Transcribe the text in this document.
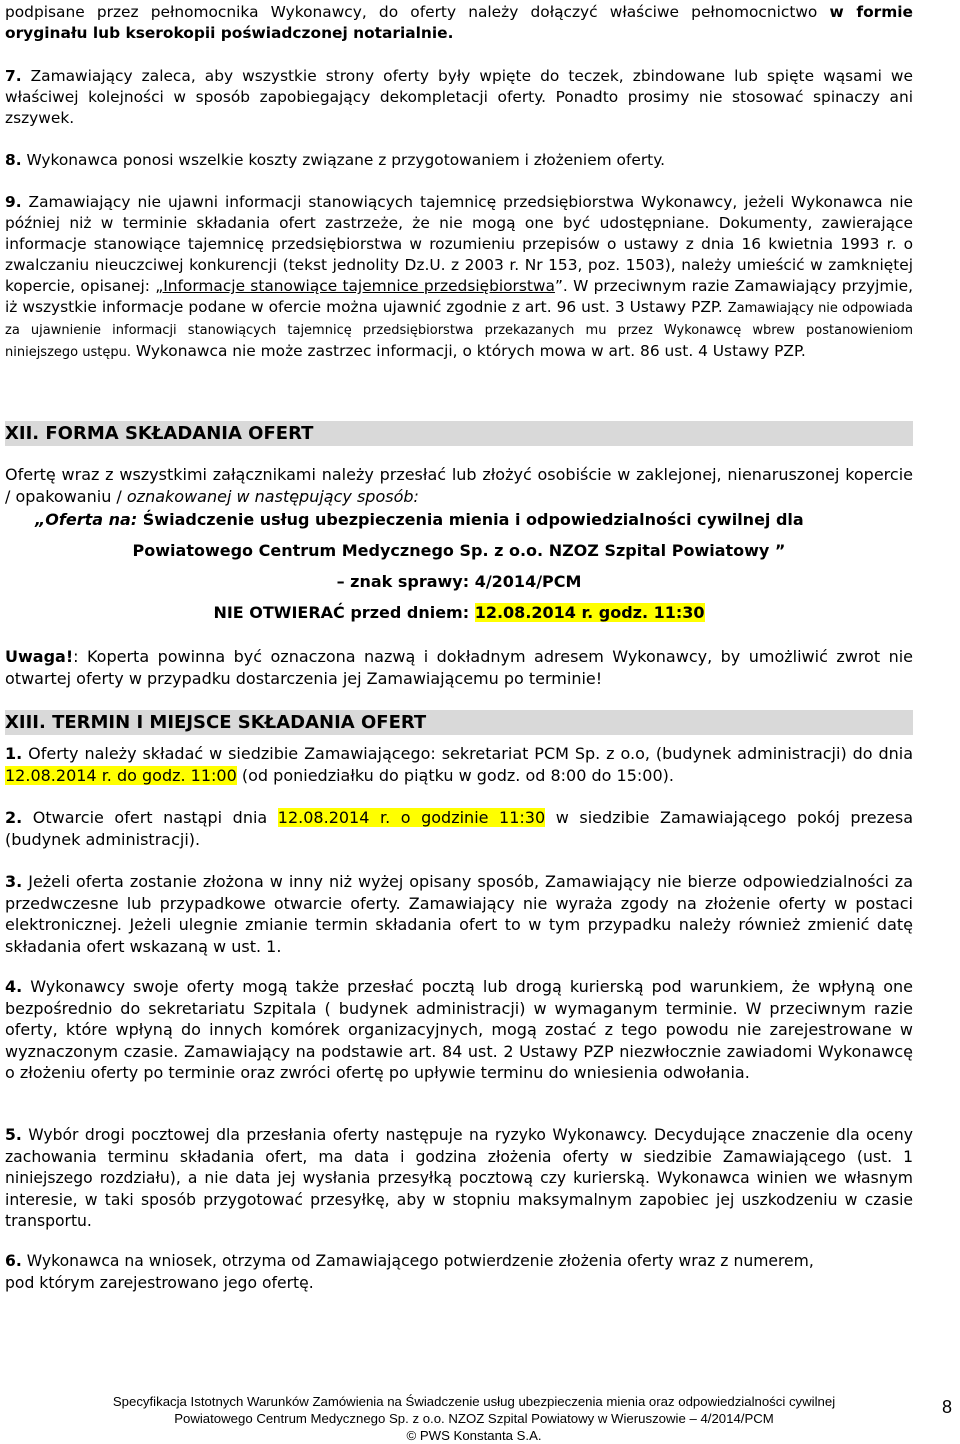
podpisane przez pełnomocnika Wykonawcy, do oferty należy dołączyć właściwe pełnomocnictwo w formie oryginału lub kserokopii poświadczonej notarialnie.

7. Zamawiający zaleca, aby wszystkie strony oferty były wpięte do teczek, zbindowane lub spięte wąsami we właściwej kolejności w sposób zapobiegający dekompletacji oferty. Ponadto prosimy nie stosować spinaczy ani zszywek.

8. Wykonawca ponosi wszelkie koszty związane z przygotowaniem i złożeniem oferty.

9. Zamawiający nie ujawni informacji stanowiących tajemnicę przedsiębiorstwa Wykonawcy, jeżeli Wykonawca nie później niż w terminie składania ofert zastrzeże, że nie mogą one być udostępniane. Dokumenty, zawierające informacje stanowiące tajemnicę przedsiębiorstwa w rozumieniu przepisów o ustawy z dnia 16 kwietnia 1993 r. o zwalczaniu nieuczciwej konkurencji (tekst jednolity Dz.U. z 2003 r. Nr 153, poz. 1503), należy umieścić w zamkniętej kopercie, opisanej: „Informacje stanowiące tajemnice przedsiębiorstwa”. W przeciwnym razie Zamawiający przyjmie, iż wszystkie informacje podane w ofercie można ujawnić zgodnie z art. 96 ust. 3 Ustawy PZP. Zamawiający nie odpowiada za ujawnienie informacji stanowiących tajemnicę przedsiębiorstwa przekazanych mu przez Wykonawcę wbrew postanowieniom niniejszego ustępu. Wykonawca nie może zastrzec informacji, o których mowa w art. 86 ust. 4 Ustawy PZP.

XII. FORMA SKŁADANIA OFERT

Ofertę wraz z wszystkimi załącznikami należy przesłać lub złożyć osobiście w zaklejonej, nienaruszonej kopercie / opakowaniu / oznakowanej w następujący sposób:

„Oferta na: Świadczenie usług ubezpieczenia mienia i odpowiedzialności cywilnej dla

Powiatowego Centrum Medycznego Sp. z o.o. NZOZ Szpital Powiatowy ”

– znak sprawy: 4/2014/PCM

NIE OTWIERAĆ przed dniem: 12.08.2014 r. godz. 11:30

Uwaga!: Koperta powinna być oznaczona nazwą i dokładnym adresem Wykonawcy, by umożliwić zwrot nie otwartej oferty w przypadku dostarczenia jej Zamawiającemu po terminie!

XIII. TERMIN I MIEJSCE SKŁADANIA OFERT

1. Oferty należy składać w siedzibie Zamawiającego: sekretariat PCM Sp. z o.o, (budynek administracji) do dnia 12.08.2014 r. do godz. 11:00 (od poniedziałku do piątku w godz. od 8:00 do 15:00).

2. Otwarcie ofert nastąpi dnia 12.08.2014 r. o godzinie 11:30 w siedzibie Zamawiającego pokój prezesa (budynek administracji).

3. Jeżeli oferta zostanie złożona w inny niż wyżej opisany sposób, Zamawiający nie bierze odpowiedzialności za przedwczesne lub przypadkowe otwarcie oferty. Zamawiający nie wyraża zgody na złożenie oferty w postaci elektronicznej. Jeżeli ulegnie zmianie termin składania ofert to w tym przypadku należy również zmienić datę składania ofert wskazaną w ust. 1.

4. Wykonawcy swoje oferty mogą także przesłać pocztą lub drogą kurierską pod warunkiem, że wpłyną one bezpośrednio do sekretariatu Szpitala ( budynek administracji) w wymaganym terminie. W przeciwnym razie oferty, które wpłyną do innych komórek organizacyjnych, mogą zostać z tego powodu nie zarejestrowane w wyznaczonym czasie. Zamawiający na podstawie art. 84 ust. 2 Ustawy PZP niezwłocznie zawiadomi Wykonawcę o złożeniu oferty po terminie oraz zwróci ofertę po upływie terminu do wniesienia odwołania.

5. Wybór drogi pocztowej dla przesłania oferty następuje na ryzyko Wykonawcy. Decydujące znaczenie dla oceny zachowania terminu składania ofert, ma data i godzina złożenia oferty w siedzibie Zamawiającego (ust. 1 niniejszego rozdziału), a nie data jej wysłania przesyłką pocztową czy kurierską. Wykonawca winien we własnym interesie, w taki sposób przygotować przesyłkę, aby w stopniu maksymalnym zapobiec jej uszkodzeniu w czasie transportu.

6. Wykonawca na wniosek, otrzyma od Zamawiającego potwierdzenie złożenia oferty wraz z numerem, pod którym zarejestrowano jego ofertę.

Specyfikacja Istotnych Warunków Zamówienia na Świadczenie usług ubezpieczenia mienia oraz odpowiedzialności cywilnej
Powiatowego Centrum Medycznego Sp. z o.o. NZOZ Szpital Powiatowy w Wieruszowie – 4/2014/PCM
© PWS Konstanta S.A.
8
